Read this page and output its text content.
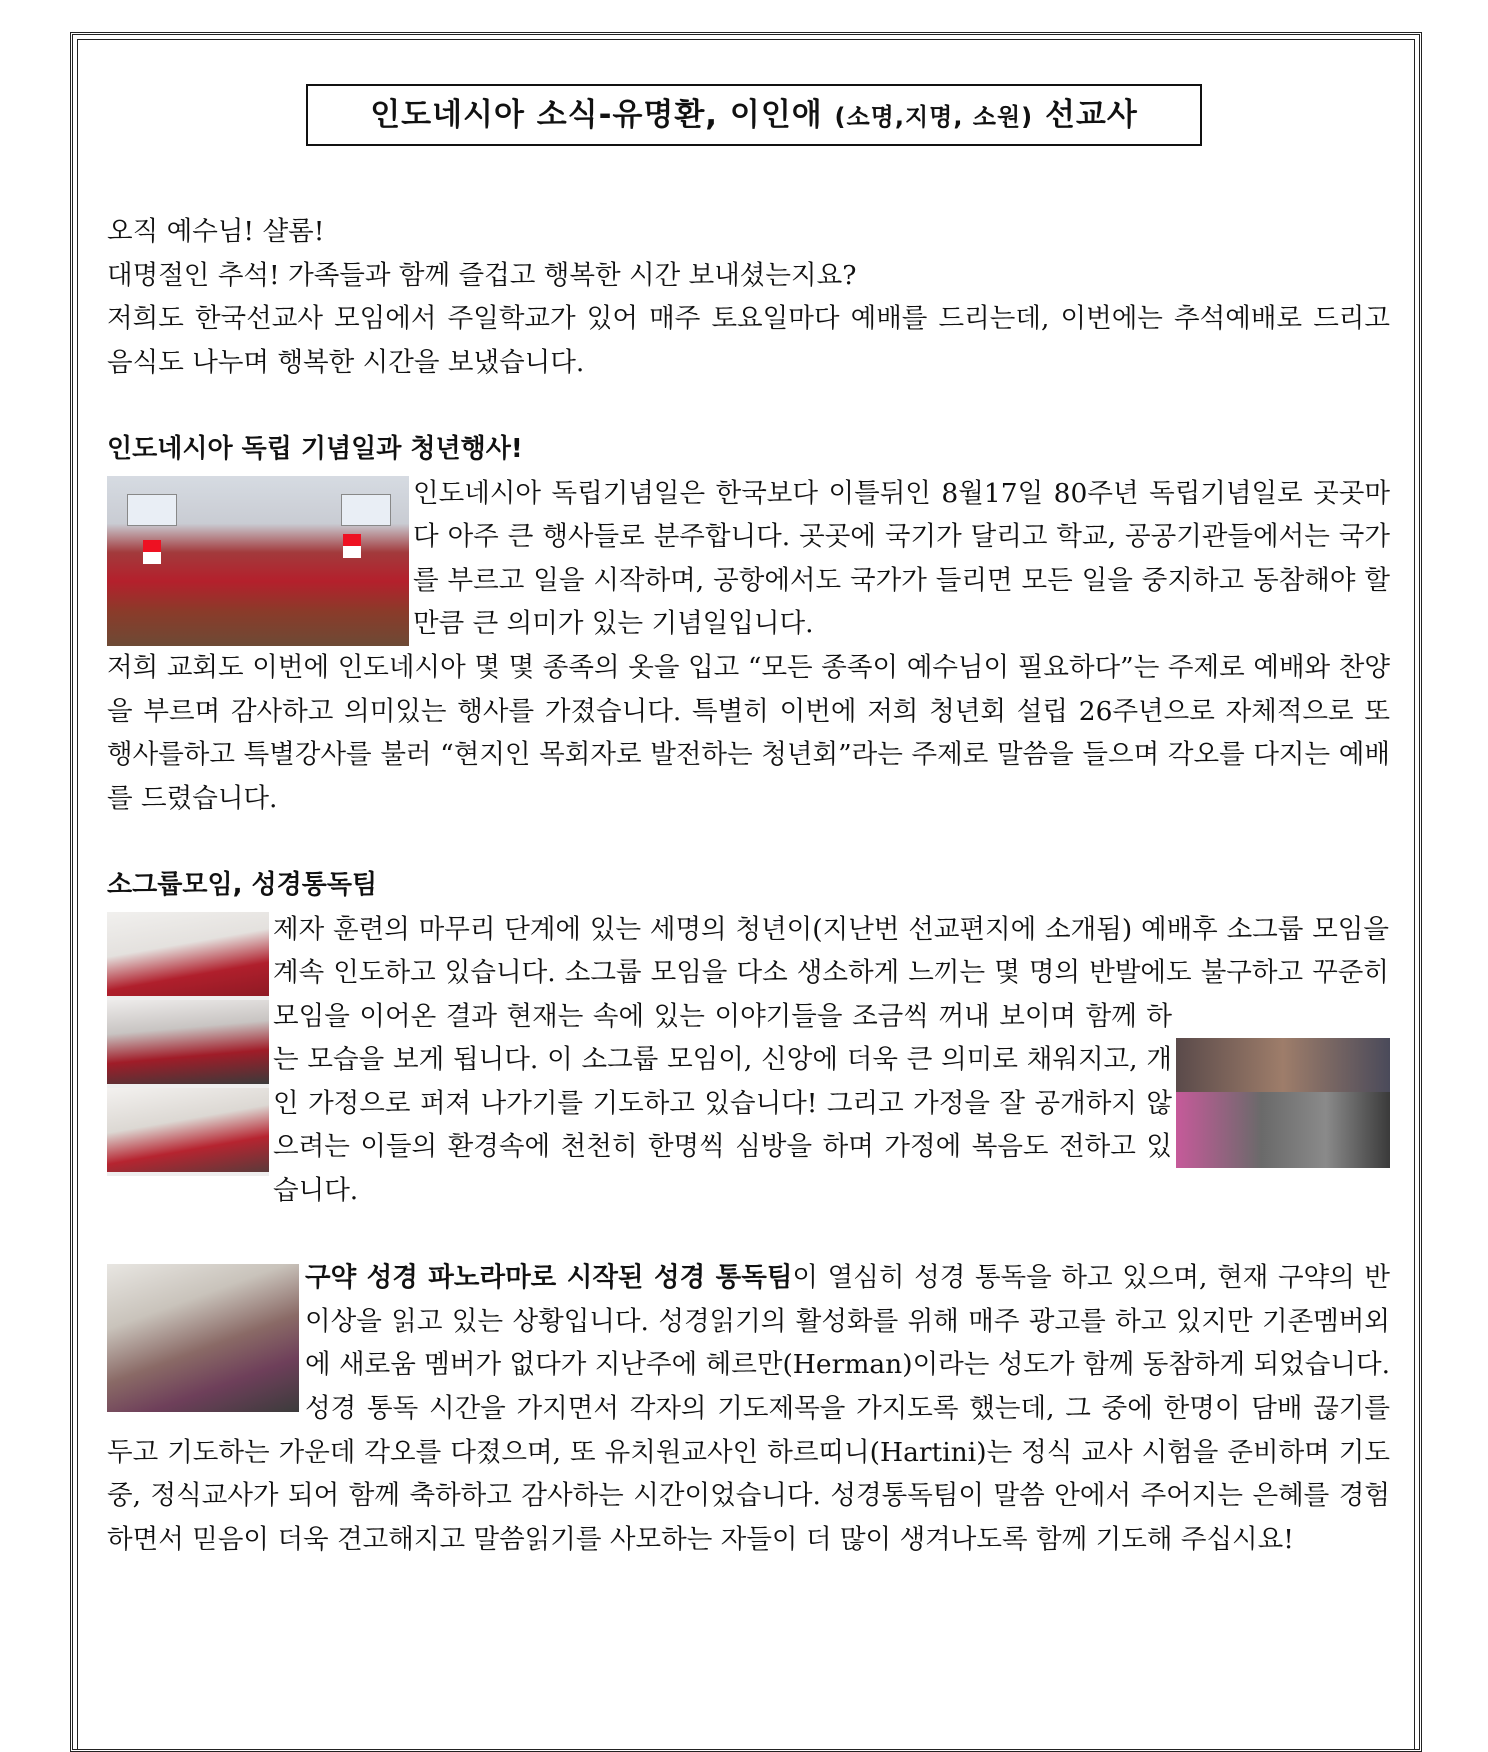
인도네시아 소식-유명환, 이인애 (소명,지명, 소원) 선교사

오직 예수님! 샬롬!

대명절인 추석! 가족들과 함께 즐겁고 행복한 시간 보내셨는지요?

저희도 한국선교사 모임에서 주일학교가 있어 매주 토요일마다 예배를 드리는데, 이번에는 추석예배로 드리고 음식도 나누며 행복한 시간을 보냈습니다.

인도네시아 독립 기념일과 청년행사!

인도네시아 독립기념일은 한국보다 이틀뒤인 8월17일 80주년 독립기념일로 곳곳마다 아주 큰 행사들로 분주합니다. 곳곳에 국기가 달리고 학교, 공공기관들에서는 국가를 부르고 일을 시작하며, 공항에서도 국가가 들리면 모든 일을 중지하고 동참해야 할만큼 큰 의미가 있는 기념일입니다.

저희 교회도 이번에 인도네시아 몇 몇 종족의 옷을 입고 “모든 종족이 예수님이 필요하다”는 주제로 예배와 찬양을 부르며 감사하고 의미있는 행사를 가졌습니다. 특별히 이번에 저희 청년회 설립 26주년으로 자체적으로 또 행사를하고 특별강사를 불러 “현지인 목회자로 발전하는 청년회”라는 주제로 말씀을 들으며 각오를 다지는 예배를 드렸습니다.

소그룹모임, 성경통독팀

제자 훈련의 마무리 단계에 있는 세명의 청년이(지난번 선교편지에 소개됨) 예배후 소그룹 모임을 계속 인도하고 있습니다. 소그룹 모임을 다소 생소하게 느끼는 몇 명의 반발에도 불구하고 꾸준히 모임을 이어온 결과 현재는 속에 있는 이야기들을 조금씩 꺼내 보이며 함께 하는 모습을 보게 됩니다. 이 소그룹 모임이, 신앙에 더욱 큰 의미로 채워지고, 개인 가정으로 퍼져 나가기를 기도하고 있습니다! 그리고 가정을 잘 공개하지 않으려는 이들의 환경속에 천천히 한명씩 심방을 하며 가정에 복음도 전하고 있습니다.

구약 성경 파노라마로 시작된 성경 통독팀이 열심히 성경 통독을 하고 있으며, 현재 구약의
반이상을 읽고 있는 상황입니다. 성경읽기의 활성화를 위해 매주 광고를 하고 있지만 기존멤버외에 새로움 멤버가 없다가 지난주에 헤르만(Herman)이라는 성도가 함께 동참하게 되었습니다. 성경 통독 시간을 가지면서 각자의 기도제목을 가지도록 했는데, 그 중에 한명이 담배 끊기를 두고 기도하는 가운데 각오를 다졌으며, 또 유치원교사인 하르띠니(Hartini)는 정식 교사 시험을 준비하며 기도중, 정식교사가 되어 함께 축하하고 감사하는 시간이었습니다. 성경통독팀이 말씀 안에서 주어지는 은혜를 경험하면서 믿음이 더욱 견고해지고 말씀읽기를 사모하는 자들이 더 많이 생겨나도록 함께 기도해 주십시요!
